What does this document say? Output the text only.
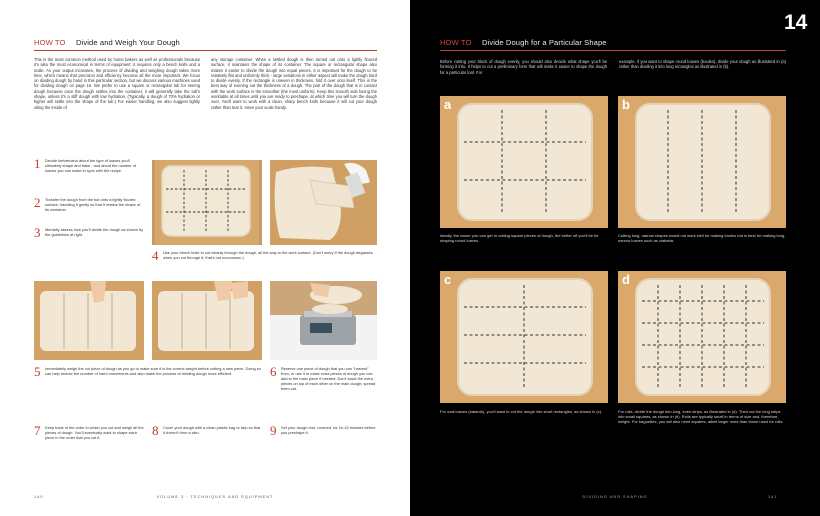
HOW TO Divide and Weigh Your Dough
This is the most common method used by home bakers as well as professionals because it's also the most economical in terms of equipment: it requires only a bench knife and a scale. As your output increases, the process of dividing and weighing dough takes more time, which means that precision and efficiency become all the more important. We focus on dividing dough by hand in this particular section, but we discuss various machines used for dividing dough on page 16. We prefer to use a square or rectangular tub for storing dough because once the dough settles into the container, it will generally take the tub's shape, unless it's a stiff dough with low hydration. (Typically, a dough of 70% hydration or higher will settle into the shape of the tub.) For easier handling, we also suggest lightly oiling the inside of
any storage container. When a settled dough is then turned out onto a lightly floured surface, it maintains the shape of its container. The square or rectangular shape also makes it easier to divide the dough into equal pieces. It is important for the dough to be relatively flat and uniformly thick - large variations in either aspect will make the dough hard to divide evenly. If the rectangle is uneven in thickness, fold it over onto itself. This is the best way of evening out the thickness of a dough. The part of the dough that is in contact with the work surface is the smoother (the most uniform). Keep this smooth side facing the worktable at all times until you are ready to preshape, at which time you will turn the dough over. You'll want to work with a clean, sharp bench knife because it will cut your dough rather than tear it. Have your scale handy.
1 Decide beforehand about the type of loaves you'll ultimately shape and bake - and about the number of loaves you can make in sync with the recipe.
2 Transfer the dough from the tub onto a lightly floured surface, handling it gently so that it retains the shape of its container.
3 Mentally assess how you'll divide the dough as shown by the guidelines at right.
4 Use your bench knife to cut cleanly through the dough, all the way to the work surface. (Don't worry if the dough degasses when you cut through it; that's not uncommon.)
5 Immediately weigh the cut piece of dough as you go to make sure it is the correct weight before cutting a new piece. Doing so can help reduce the number of hand movements and also make the process of dividing dough more efficient.	6 Reserve one piece of dough that you can "harvest" from, or use it to make extra pieces of dough you can add to the main piece if needed. Don't stack the extra pieces on top of each other on the main dough; spread them out.
7 Keep track of the order in which you cut and weigh all the pieces of dough. You'll eventually want to shape each piece in the order that you cut it.	8 Cover your dough with a clean plastic bag or tarp so that it doesn't form a skin.	9 Set your dough rest, covered, for 10-15 minutes before you preshape it.
140	VOLUME 3 · TECHNIQUES AND EQUIPMENT
14
HOW TO Divide Dough for a Particular Shape
Before cutting your block of dough evenly, you should also decide what shape you'll be forming it into. It helps to cut a preliminary form that will make it easier to shape the dough for a particular loaf. For
example, if you want to shape round loaves (boules), divide your dough as illustrated in (a) rather than dividing it into long rectangles as illustrated in (b).
a
Ideally, the closer you can get to cutting square pieces of dough, the better off you'll be for shaping round loaves.
b
Cutting long, narrow shapes would not work well for making boules but is best for making long, narrow loaves such as ciabatta.
c
For oval loaves (batards), you'll want to cut the dough into short rectangles, as shown in (c).
d
For rolls, divide the dough into long, even strips, as illustrated in (d). Then cut the long strips into small squares, as shown in (d). Rolls are typically small in terms of size and, therefore, weight. For baguettes, you will also need squares, albeit larger ones than those used for rolls.
DIVIDING AND SHAPING	141
